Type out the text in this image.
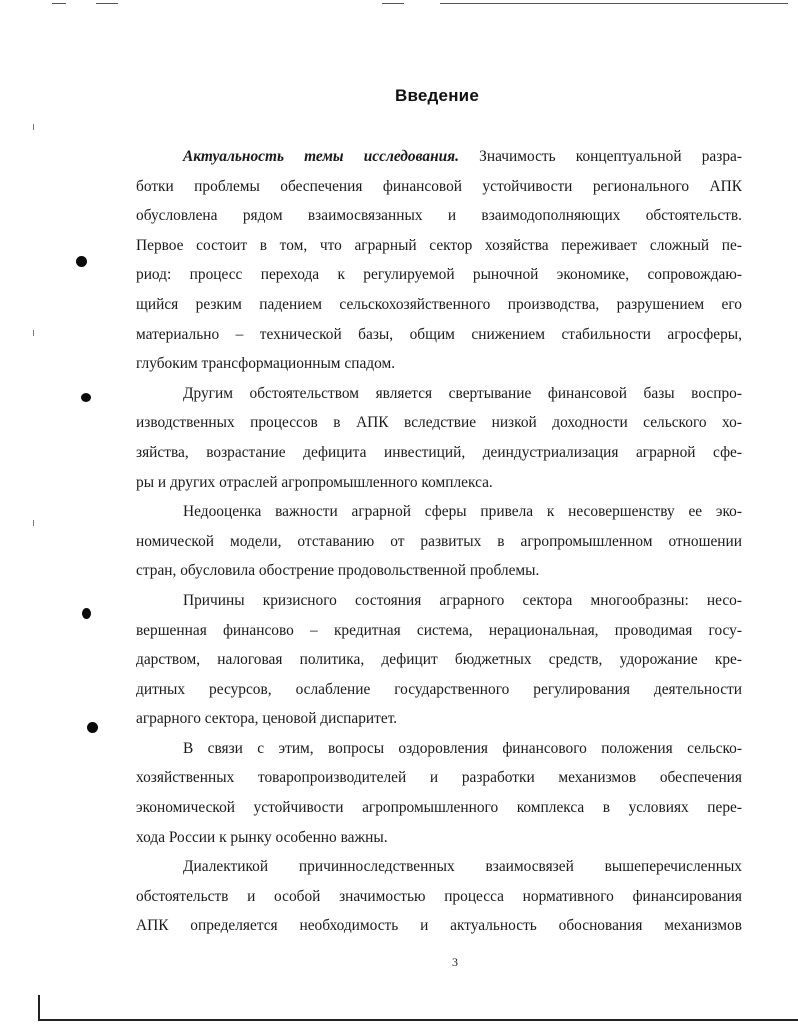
Введение
Актуальность темы исследования. Значимость концептуальной разра-
ботки проблемы обеспечения финансовой устойчивости регионального АПК
обусловлена рядом взаимосвязанных и взаимодополняющих обстоятельств.
Первое состоит в том, что аграрный сектор хозяйства переживает сложный пе-
риод: процесс перехода к регулируемой рыночной экономике, сопровождаю-
щийся резким падением сельскохозяйственного производства, разрушением его
материально – технической базы, общим снижением стабильности агросферы,
глубоким трансформационным спадом.
Другим обстоятельством является свертывание финансовой базы воспро-
изводственных процессов в АПК вследствие низкой доходности сельского хо-
зяйства, возрастание дефицита инвестиций, деиндустриализация аграрной сфе-
ры и других отраслей агропромышленного комплекса.
Недооценка важности аграрной сферы привела к несовершенству ее эко-
номической модели, отставанию от развитых в агропромышленном отношении
стран, обусловила обострение продовольственной проблемы.
Причины кризисного состояния аграрного сектора многообразны: несо-
вершенная финансово – кредитная система, нерациональная, проводимая госу-
дарством, налоговая политика, дефицит бюджетных средств, удорожание кре-
дитных ресурсов, ослабление государственного регулирования деятельности
аграрного сектора, ценовой диспаритет.
В связи с этим, вопросы оздоровления финансового положения сельско-
хозяйственных товаропроизводителей и разработки механизмов обеспечения
экономической устойчивости агропромышленного комплекса в условиях пере-
хода России к рынку особенно важны.
Диалектикой причинноследственных взаимосвязей вышеперечисленных
обстоятельств и особой значимостью процесса нормативного финансирования
АПК определяется необходимость и актуальность обоснования механизмов
3
